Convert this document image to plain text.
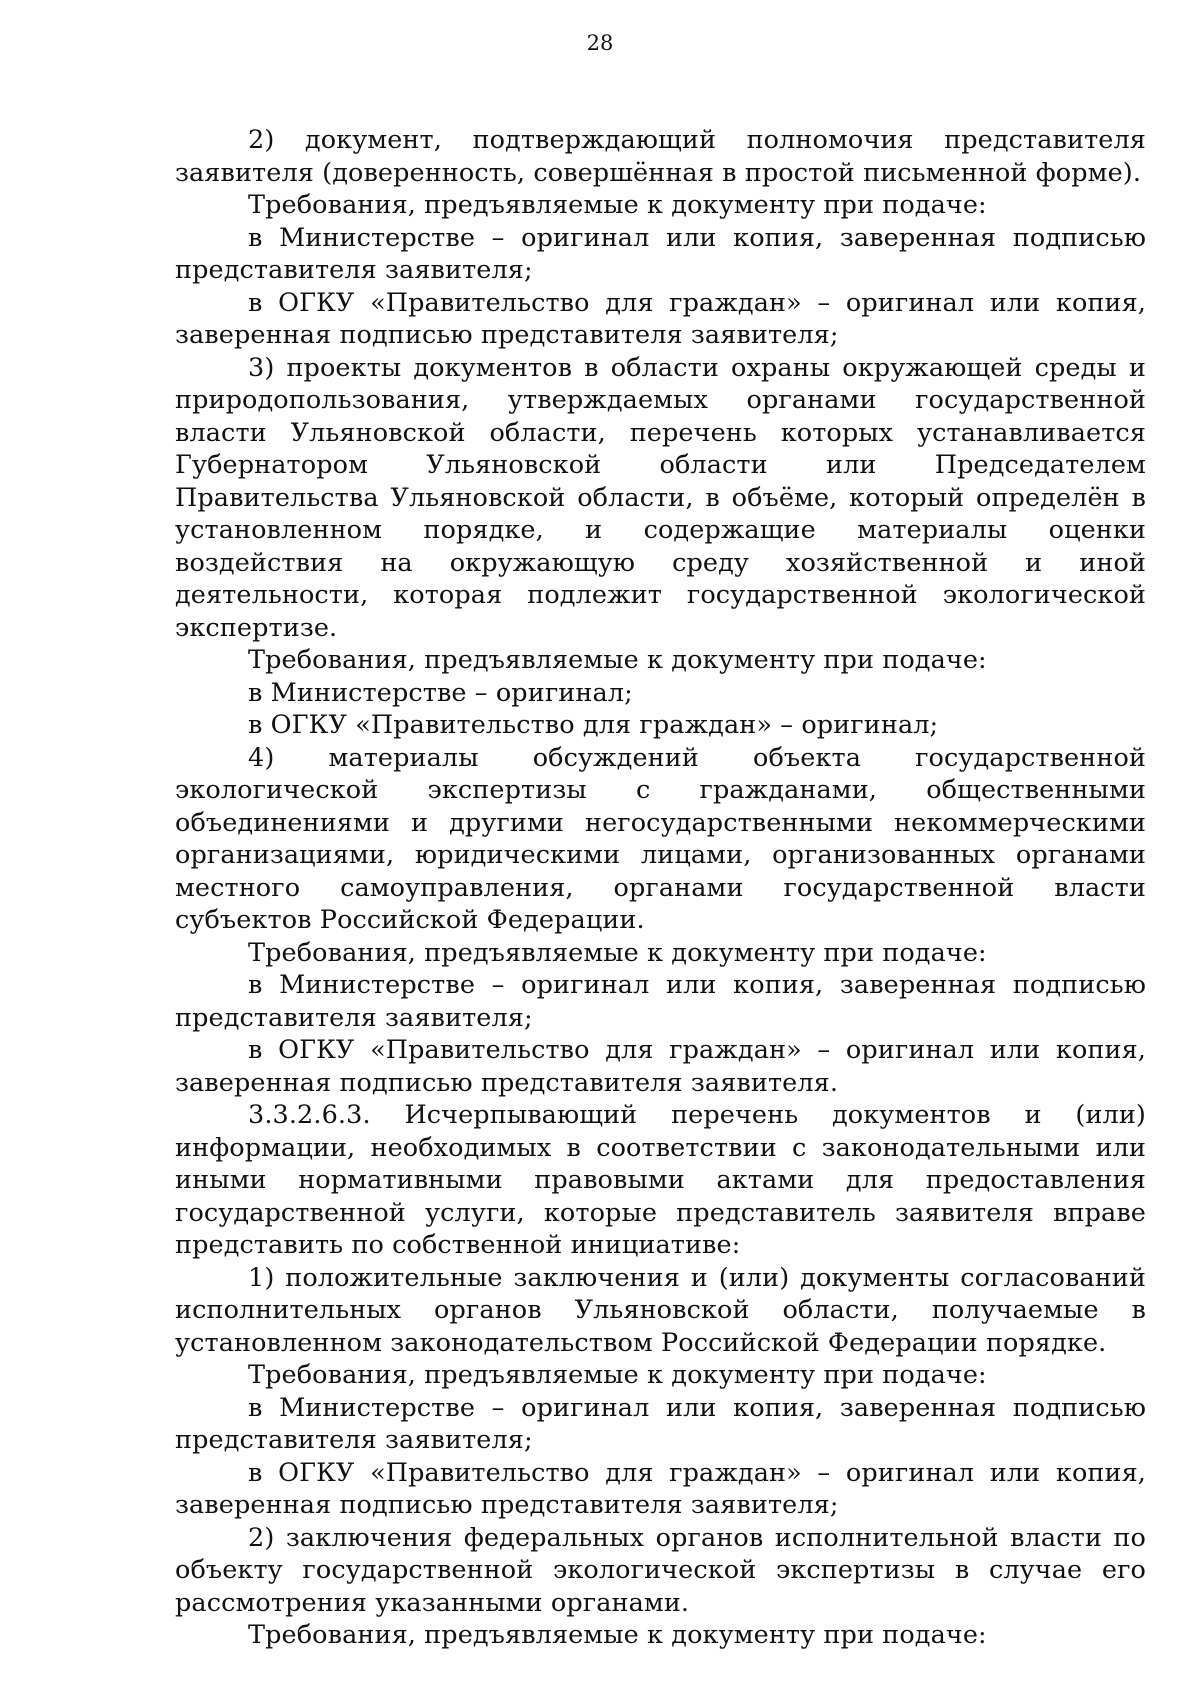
28

2) документ, подтверждающий полномочия представителя заявителя (доверенность, совершённая в простой письменной форме).

Требования, предъявляемые к документу при подаче:

в Министерстве – оригинал или копия, заверенная подписью представителя заявителя;

в ОГКУ «Правительство для граждан» – оригинал или копия, заверенная подписью представителя заявителя;

3) проекты документов в области охраны окружающей среды и природопользования, утверждаемых органами государственной власти Ульяновской области, перечень которых устанавливается Губернатором Ульяновской области или Председателем Правительства Ульяновской области, в объёме, который определён в установленном порядке, и содержащие материалы оценки воздействия на окружающую среду хозяйственной и иной деятельности, которая подлежит государственной экологической экспертизе.

Требования, предъявляемые к документу при подаче:

в Министерстве – оригинал;

в ОГКУ «Правительство для граждан» – оригинал;

4) материалы обсуждений объекта государственной экологической экспертизы с гражданами, общественными объединениями и другими негосударственными некоммерческими организациями, юридическими лицами, организованных органами местного самоуправления, органами государственной власти субъектов Российской Федерации.

Требования, предъявляемые к документу при подаче:

в Министерстве – оригинал или копия, заверенная подписью представителя заявителя;

в ОГКУ «Правительство для граждан» – оригинал или копия, заверенная подписью представителя заявителя.

3.3.2.6.3. Исчерпывающий перечень документов и (или) информации, необходимых в соответствии с законодательными или иными нормативными правовыми актами для предоставления государственной услуги, которые представитель заявителя вправе представить по собственной инициативе:

1) положительные заключения и (или) документы согласований исполнительных органов Ульяновской области, получаемые в установленном законодательством Российской Федерации порядке.

Требования, предъявляемые к документу при подаче:

в Министерстве – оригинал или копия, заверенная подписью представителя заявителя;

в ОГКУ «Правительство для граждан» – оригинал или копия, заверенная подписью представителя заявителя;

2) заключения федеральных органов исполнительной власти по объекту государственной экологической экспертизы в случае его рассмотрения указанными органами.

Требования, предъявляемые к документу при подаче:
